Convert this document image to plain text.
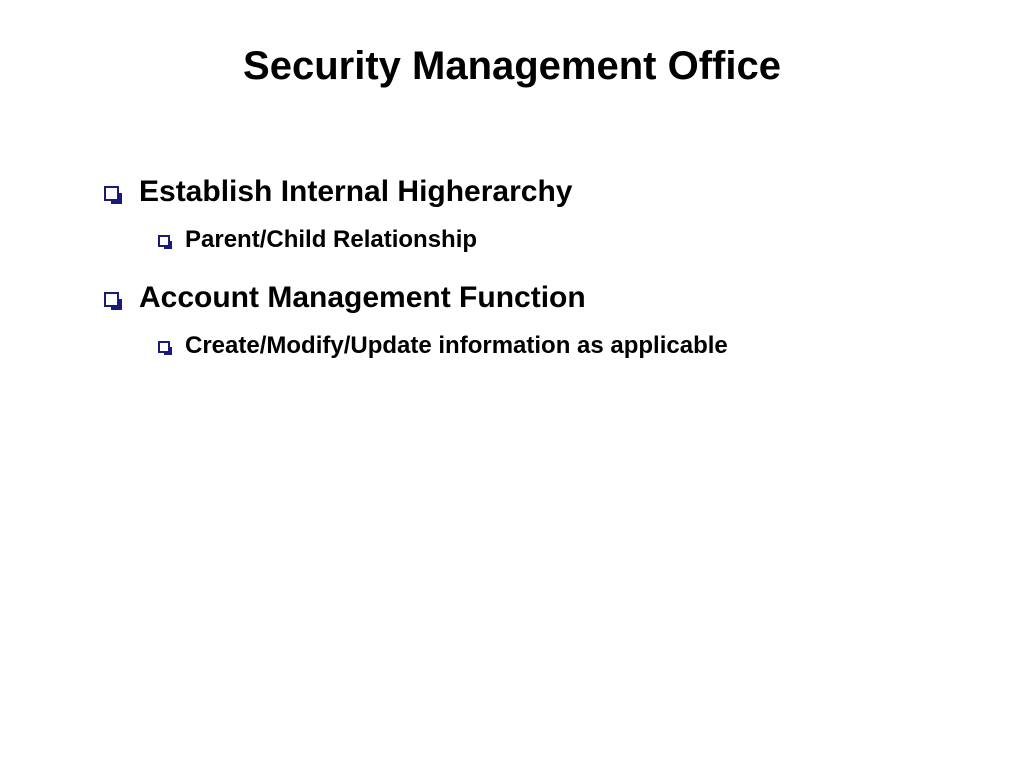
Security Management Office
Establish Internal Higherarchy
Parent/Child Relationship
Account Management Function
Create/Modify/Update information as applicable
